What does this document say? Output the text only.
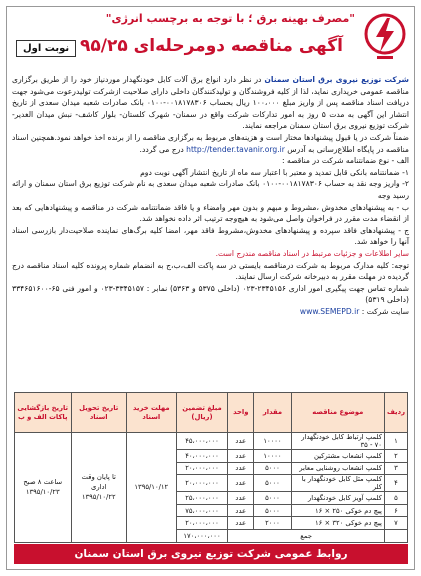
"مصرف بهینه برق ؛ با توجه به برچسب انرژی"
آگهی مناقصه دومرحله‌ای ۹۵/۲۵
نوبت اول

شرکت توزیع نیروی برق استان سمنان در نظر دارد انواع برق آلات کابل خودنگهدار موردنیاز خود را از طریق برگزاری مناقصه عمومی خریداری نماید، لذا از کلیه فروشندگان و تولیدکنندگان داخلی دارای صلاحیت ازشرکت تولیدرعوت می‌شود جهت دریافت اسناد مناقصه پس از واریز مبلغ ۱۰۰،۰۰۰ ریال بحساب ۰۰۱۸۱۷۸۳۰۶-۰۱۰۰ بانک صادرات شعبه میدان سعدی از تاریخ انتشار این آگهی به مدت ۵ روز به امور تدارکات شرکت واقع در سمنان- شهرک کلستان- بلوار کاشف- نبش میدان الغدیر- شرکت توزیع نیروی برق استان سمنان مراجعه نمایند.

ضمناً شرکت در یا قبول پیشنهادها مختار است و هزینه‌های مربوط به برگزاری مناقصه را از برنده اخذ خواهد نمود.همچنین اسناد مناقصه در پایگاه اطلاع‌رسانی به آدرس http://tender.tavanir.org.ir درج می‌ گردد.

الف - نوع ضمانتنامه شرکت در مناقصه :

۱- ضمانتنامه بانکی قابل تمدید و معتبر با اعتبار سه ماه از تاریخ انتشار آگهی نوبت دوم

۲- واریز وجه نقد به حساب ۰۰۱۸۱۷۸۳۰۶-۰۱۰۰ بانک صادرات شعبه میدان سعدی به نام شرکت توزیع برق استان سمنان و ارائه رسید وجه

ب - به پیشنهادهای مخدوش ،مشروط و مبهم و بدون مهر وامضاء و یا فاقد ضمانتنامه شرکت در مناقصه و پیشنهادهایی که بعد از انقضاء مدت مقرر در فراخوان واصل می‌شود به هیچ‌وجه ترتیب اثر داده نخواهد شد.

ج - پیشنهادهای فاقد سپرده و پیشنهادهای مخدوش،مشروط فاقد مهر، امضا کلیه برگ‌های نماینده صلاحیت‌دار بازرسی اسناد آنها را خواهد شد.

سایر اطلاعات و جزئیات مرتبط در اسناد مناقصه مندرج است.

توجه: کلیه مدارک مربوط به شرکت درمناقصه بایستی در سه پاکت الف،ب،ج به انضمام شماره پرونده کلیه اسناد مناقصه درج گردیده در مهلت مقرر به دبیرخانه شرکت ارسال نمایند.

شماره تماس جهت پیگیری امور اداری ۲۳۴۵۱۵۶-۰۲۳ (داخلی ۵۳۷۵ و ۵۳۶۳) نمابر : ۳۳۴۵۱۵۷-۰۲۳ و امور فنی ۶۵-۳۳۴۶۵۱۶۰۰ (داخلی ۵۳۱۹)

سایت شرکت : www.SEMEPD.ir

ردیف	موضوع مناقصه	مقدار	واحد	مبلغ تضمین (ریال)	مهلت خرید اسناد	تاریخ تحویل اسناد	تاریخ بازگشایی پاکات الف و ب
۱	کلمپ ارتباط کابل خودنگهدار ۷۰ - ۳۵	۱۰۰۰۰	عدد	۴۵،۰۰۰،۰۰۰	۱۳۹۵/۱۰/۱۲	تا پایان وقت اداری ۱۳۹۵/۱۰/۲۲	ساعت ۸ صبح ۱۳۹۵/۱۰/۲۳
۲	کلمپ انشعاب مشترکین	۱۰۰۰۰	عدد	۴۰،۰۰۰،۰۰۰			
۳	کلمپ انشعاب روشنایی معابر	۵۰۰۰	عدد	۲۰،۰۰۰،۰۰۰			
۴	کلمپ مثل کابل خودنگهدار با کلر	۵۰۰۰	عدد	۲۰،۰۰۰،۰۰۰			
۵	کلمپ آویز کابل خودنگهدار	۵۰۰۰	عدد	۲۵،۰۰۰،۰۰۰			
۶	پیچ دم خوکی ۲۵۰ × ۱۶	۵۰۰۰	عدد	۷۵،۰۰۰،۰۰۰			
۷	پیچ دم خوکی ۳۲۰ × ۱۶	۲۰۰۰	عدد	۲۰،۰۰۰،۰۰۰			
	جمع			۱۷۰،۰۰۰،۰۰۰			
روابط عمومی شرکت توزیع نیروی برق استان سمنان
